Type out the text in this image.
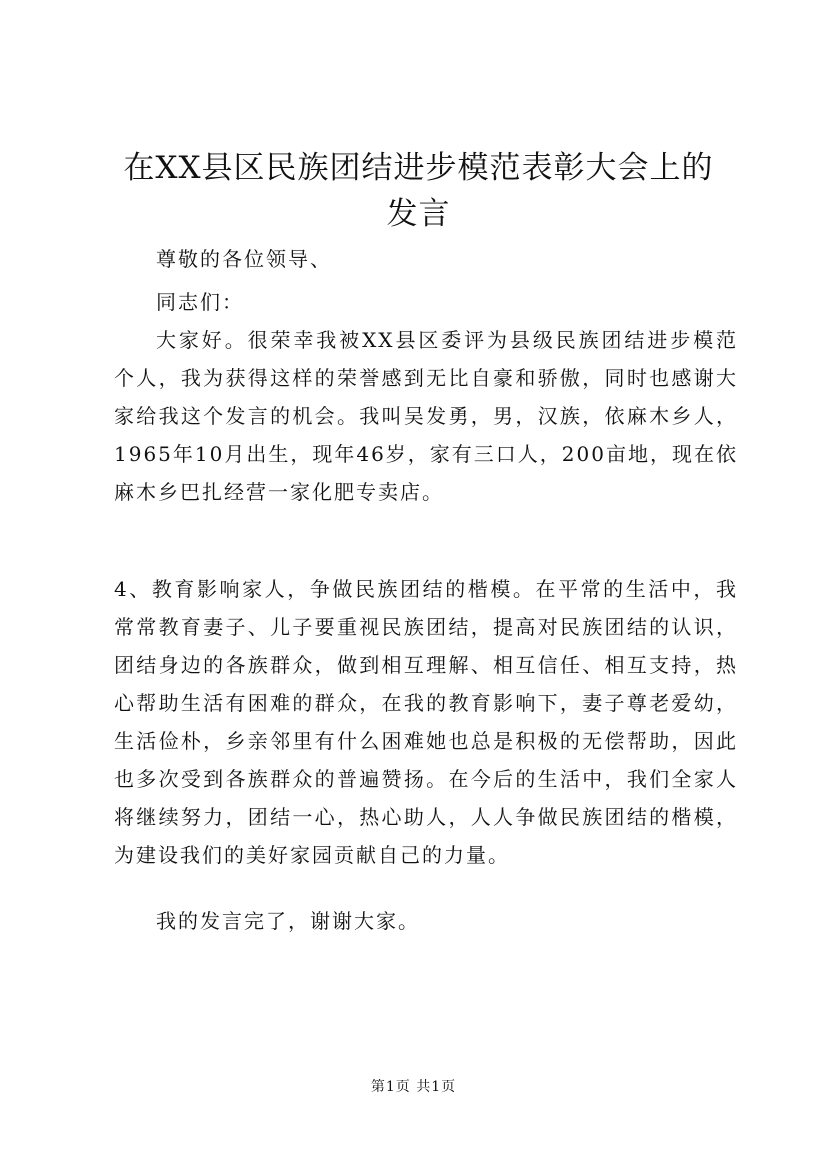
在XX县区民族团结进步模范表彰大会上的发言
尊敬的各位领导、
同志们：
大家好。很荣幸我被XX县区委评为县级民族团结进步模范个人，我为获得这样的荣誉感到无比自豪和骄傲，同时也感谢大家给我这个发言的机会。我叫吴发勇，男，汉族，依麻木乡人，1965年10月出生，现年46岁，家有三口人，200亩地，现在依麻木乡巴扎经营一家化肥专卖店。
4、教育影响家人，争做民族团结的楷模。在平常的生活中，我常常教育妻子、儿子要重视民族团结，提高对民族团结的认识，团结身边的各族群众，做到相互理解、相互信任、相互支持，热心帮助生活有困难的群众，在我的教育影响下，妻子尊老爱幼，生活俭朴，乡亲邻里有什么困难她也总是积极的无偿帮助，因此也多次受到各族群众的普遍赞扬。在今后的生活中，我们全家人将继续努力，团结一心，热心助人，人人争做民族团结的楷模，为建设我们的美好家园贡献自己的力量。
我的发言完了，谢谢大家。
第1页 共1页
